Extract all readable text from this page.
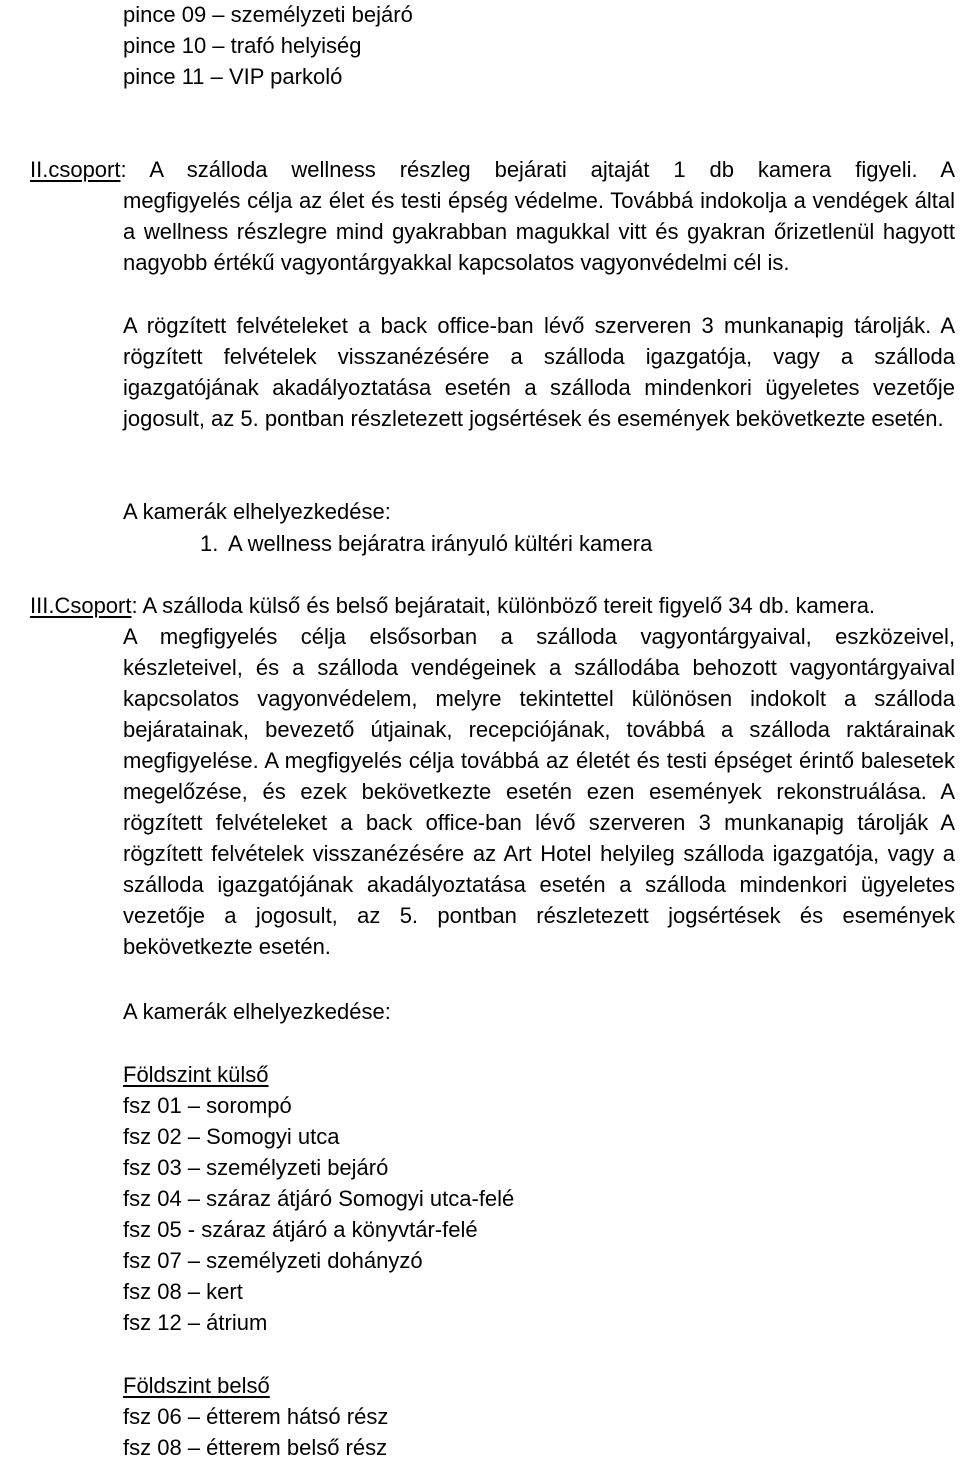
pince 09 – személyzeti bejáró
pince 10 – trafó helyiség
pince 11 – VIP parkoló
II.csoport: A szálloda wellness részleg bejárati ajtaját 1 db kamera figyeli. A

megfigyelés célja az élet és testi épség védelme. Továbbá indokolja a vendégek által a wellness részlegre mind gyakrabban magukkal vitt és gyakran őrizetlenül hagyott nagyobb értékű vagyontárgyakkal kapcsolatos vagyonvédelmi cél is.

A rögzített felvételeket a back office-ban lévő szerveren 3 munkanapig tárolják. A rögzített felvételek visszanézésére a szálloda igazgatója, vagy a szálloda igazgatójának akadályoztatása esetén a szálloda mindenkori ügyeletes vezetője jogosult, az 5. pontban részletezett jogsértések és események bekövetkezte esetén.

A kamerák elhelyezkedése:
1. A wellness bejáratra irányuló kültéri kamera
III.Csoport: A szálloda külső és belső bejáratait, különböző tereit figyelő 34 db. kamera.

A megfigyelés célja elsősorban a szálloda vagyontárgyaival, eszközeivel, készleteivel, és a szálloda vendégeinek a szállodába behozott vagyontárgyaival kapcsolatos vagyonvédelem, melyre tekintettel különösen indokolt a szálloda bejáratainak, bevezető útjainak, recepciójának, továbbá a szálloda raktárainak megfigyelése. A megfigyelés célja továbbá az életét és testi épséget érintő balesetek megelőzése, és ezek bekövetkezte esetén ezen események rekonstruálása. A rögzített felvételeket a back office-ban lévő szerveren 3 munkanapig tárolják A rögzített felvételek visszanézésére az Art Hotel helyileg szálloda igazgatója, vagy a szálloda igazgatójának akadályoztatása esetén a szálloda mindenkori ügyeletes vezetője a jogosult, az 5. pontban részletezett jogsértések és események bekövetkezte esetén.

A kamerák elhelyezkedése:
Földszint külső
fsz 01 – sorompó
fsz 02 – Somogyi utca
fsz 03 – személyzeti bejáró
fsz 04 – száraz átjáró Somogyi utca-felé
fsz 05 - száraz átjáró a könyvtár-felé
fsz 07 – személyzeti dohányzó
fsz 08 – kert
fsz 12 – átrium
Földszint belső
fsz 06 – étterem hátsó rész
fsz 08 – étterem belső rész
